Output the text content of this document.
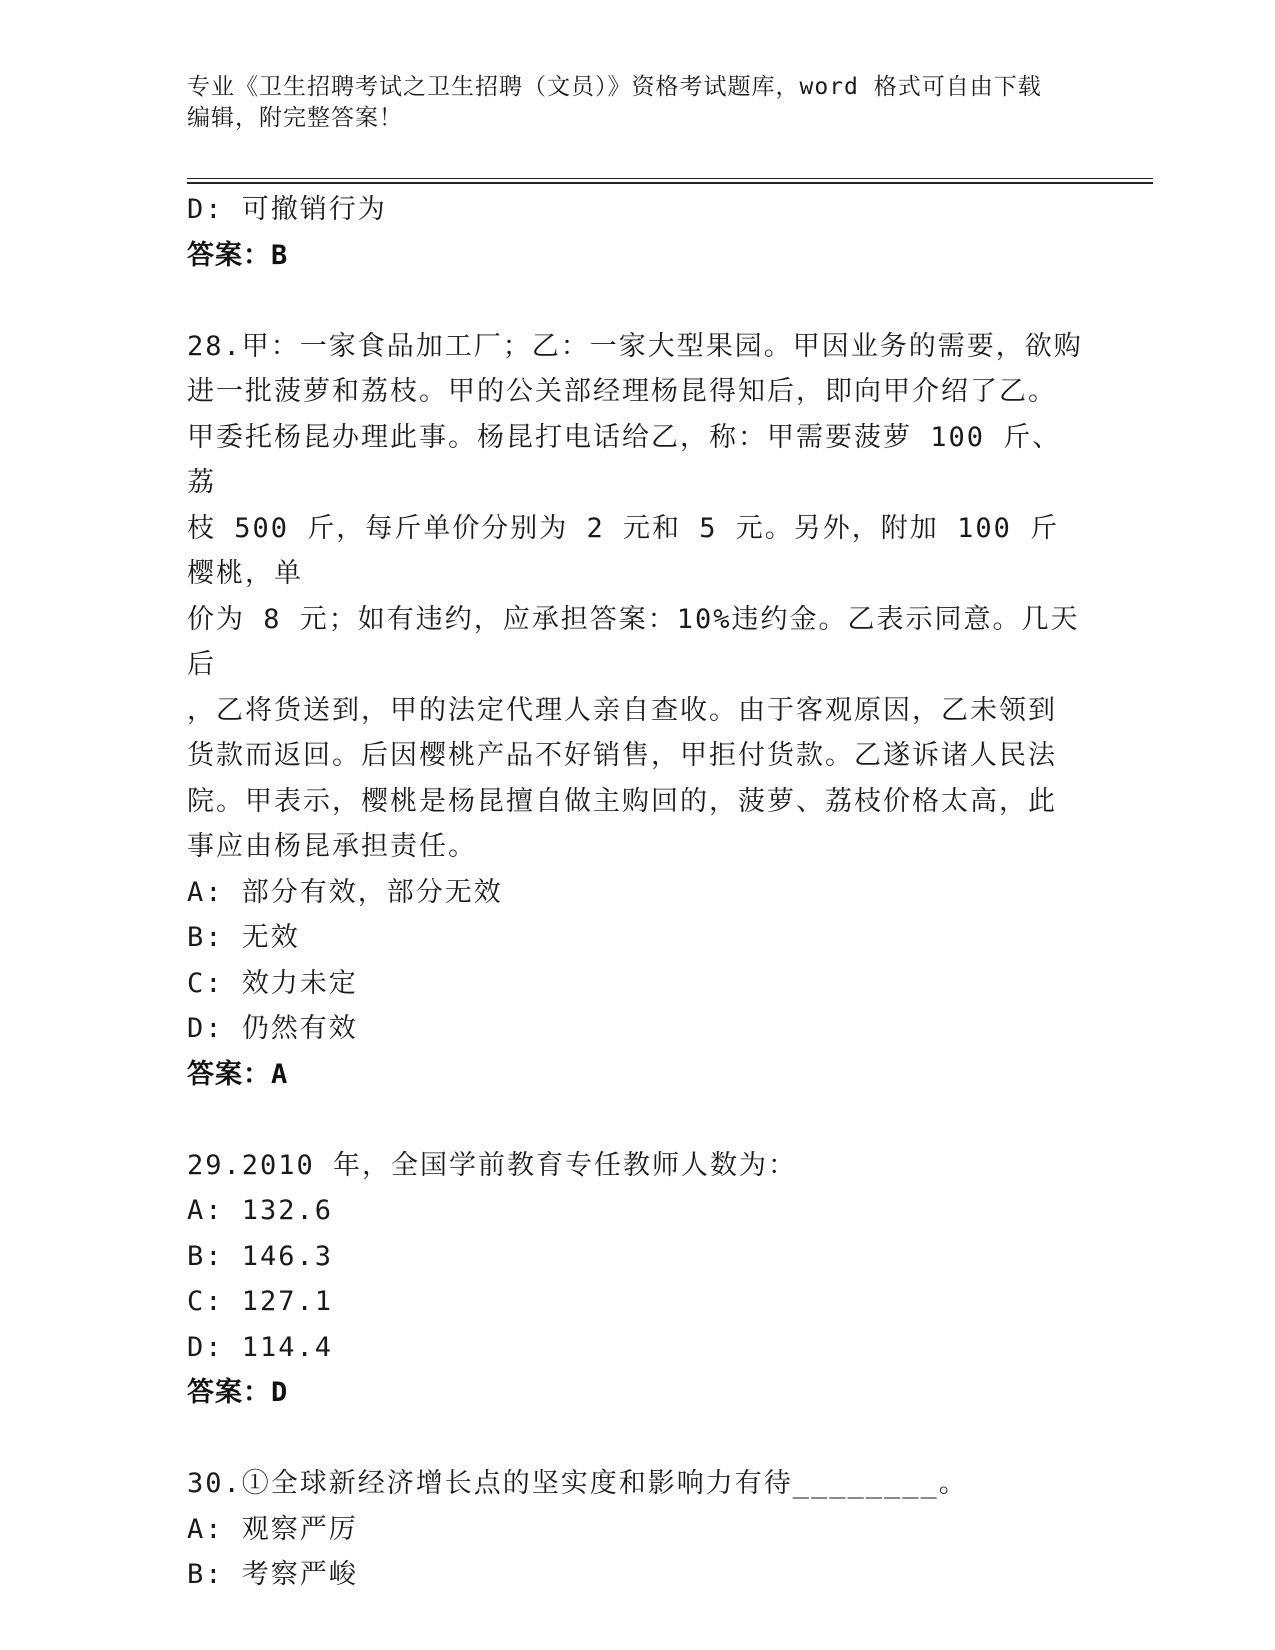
专业《卫生招聘考试之卫生招聘（文员）》资格考试题库，word 格式可自由下载
编辑，附完整答案！
D: 可撤销行为
答案：B
28.甲：一家食品加工厂；乙：一家大型果园。甲因业务的需要，欲购
进一批菠萝和荔枝。甲的公关部经理杨昆得知后，即向甲介绍了乙。
甲委托杨昆办理此事。杨昆打电话给乙，称：甲需要菠萝 100 斤、荔
枝 500 斤，每斤单价分别为 2 元和 5 元。另外，附加 100 斤樱桃，单
价为 8 元；如有违约，应承担答案：10%违约金。乙表示同意。几天后
，乙将货送到，甲的法定代理人亲自查收。由于客观原因，乙未领到
货款而返回。后因樱桃产品不好销售，甲拒付货款。乙遂诉诸人民法
院。甲表示，樱桃是杨昆擅自做主购回的，菠萝、荔枝价格太高，此
事应由杨昆承担责任。
A: 部分有效，部分无效
B: 无效
C: 效力未定
D: 仍然有效
答案：A
29.2010 年，全国学前教育专任教师人数为：
A: 132.6
B: 146.3
C: 127.1
D: 114.4
答案：D
30.①全球新经济增长点的坚实度和影响力有待________。
A: 观察严厉
B: 考察严峻
